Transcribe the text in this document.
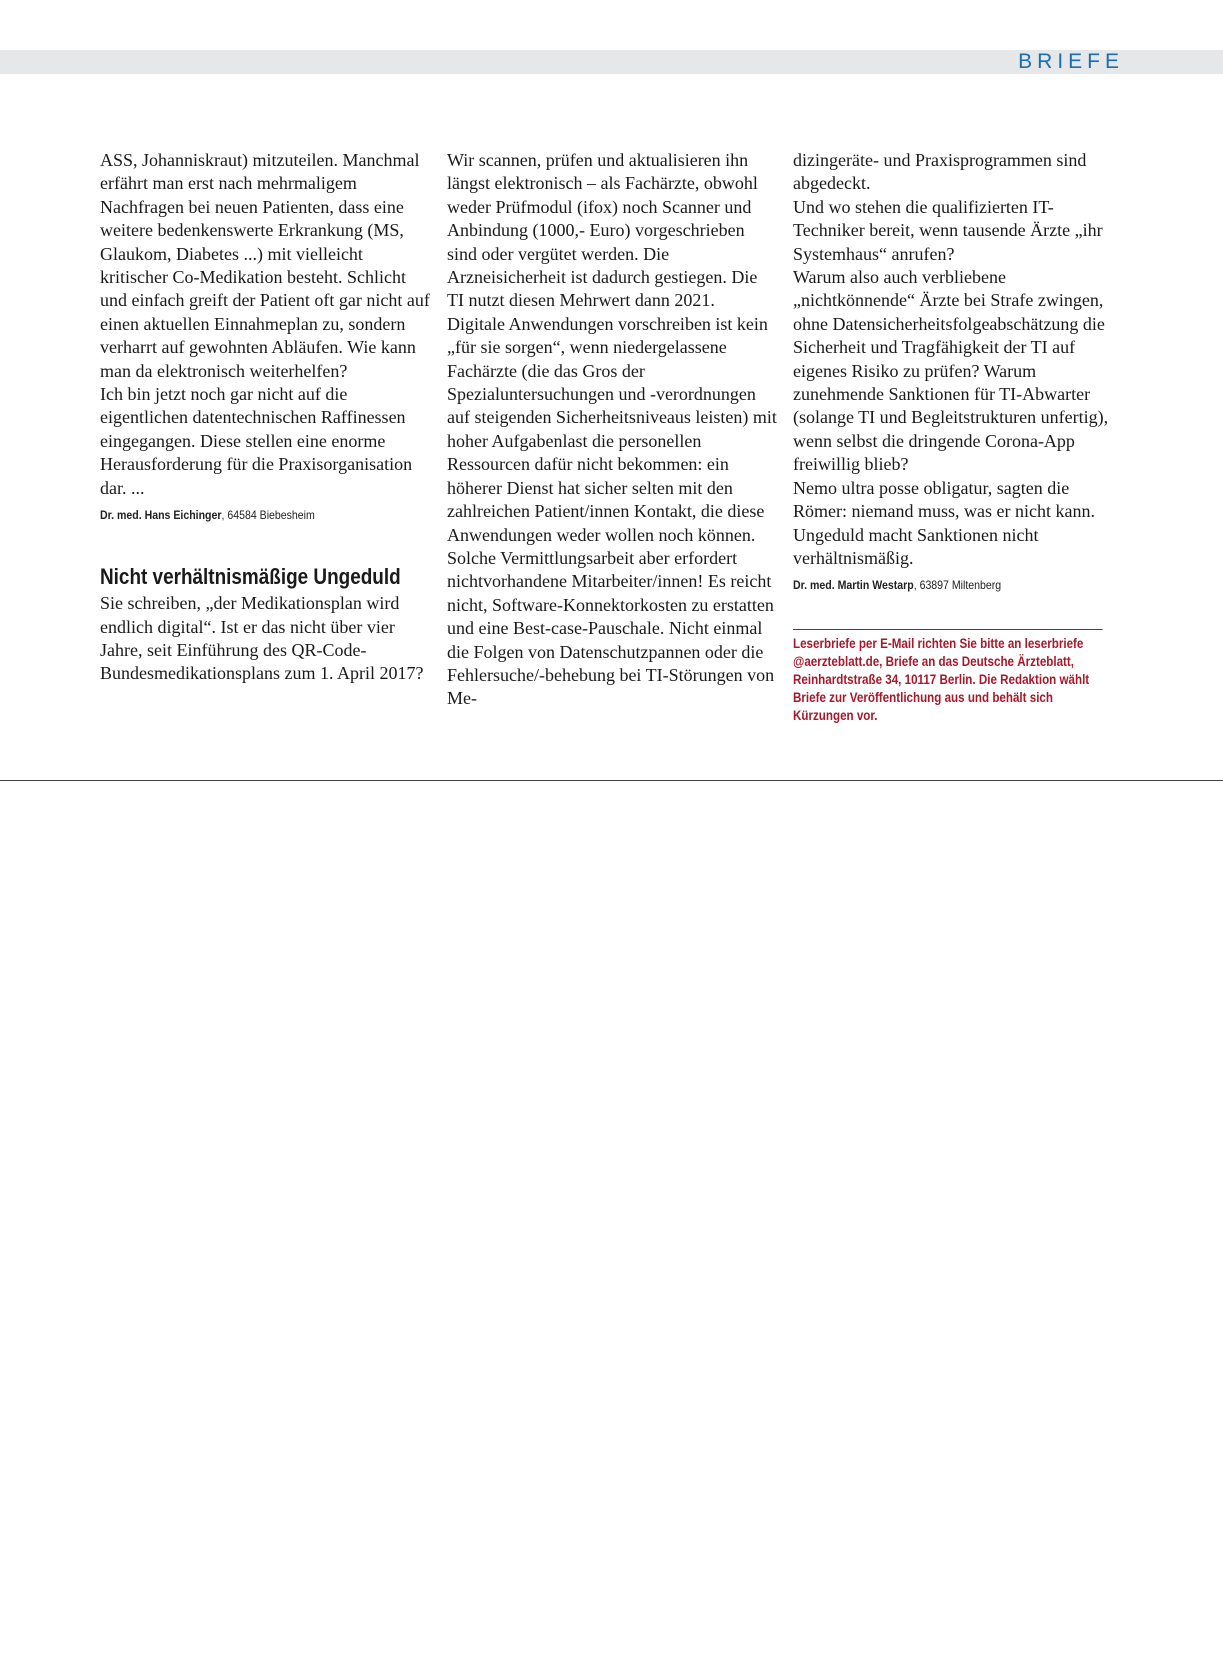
BRIEFE

ASS, Johanniskraut) mitzuteilen. Manchmal erfährt man erst nach mehrmaligem Nachfragen bei neuen Patienten, dass eine weitere bedenkenswerte Erkrankung (MS, Glaukom, Diabetes ...) mit vielleicht kritischer Co-Medikation besteht. Schlicht und einfach greift der Patient oft gar nicht auf einen aktuellen Einnahmeplan zu, sondern verharrt auf gewohnten Abläufen. Wie kann man da elektronisch weiterhelfen?

Ich bin jetzt noch gar nicht auf die eigentlichen datentechnischen Raffinessen eingegangen. Diese stellen eine enorme Herausforderung für die Praxisorganisation dar. ...

Dr. med. Hans Eichinger, 64584 Biebesheim

Nicht verhältnismäßige Ungeduld

Sie schreiben, „der Medikationsplan wird endlich digital“. Ist er das nicht über vier Jahre, seit Einführung des QR-Code-Bundesmedikationsplans zum 1. April 2017?

Wir scannen, prüfen und aktualisieren ihn längst elektronisch – als Fachärzte, obwohl weder Prüfmodul (ifox) noch Scanner und Anbindung (1000,- Euro) vorgeschrieben sind oder vergütet werden. Die Arzneisicherheit ist dadurch gestiegen. Die TI nutzt diesen Mehrwert dann 2021.

Digitale Anwendungen vorschreiben ist kein „für sie sorgen“, wenn niedergelassene Fachärzte (die das Gros der Spezialuntersuchungen und -verordnungen auf steigenden Sicherheitsniveaus leisten) mit hoher Aufgabenlast die personellen Ressourcen dafür nicht bekommen: ein höherer Dienst hat sicher selten mit den zahlreichen Patient/innen Kontakt, die diese Anwendungen weder wollen noch können. Solche Vermittlungsarbeit aber erfordert nichtvorhandene Mitarbeiter/innen! Es reicht nicht, Software-Konnektorkosten zu erstatten und eine Best-case-Pauschale. Nicht einmal die Folgen von Datenschutzpannen oder die Fehlersuche/-behebung bei TI-Störungen von Me-

dizingeräte- und Praxisprogrammen sind abgedeckt.

Und wo stehen die qualifizierten IT-Techniker bereit, wenn tausende Ärzte „ihr Systemhaus“ anrufen?

Warum also auch verbliebene „nichtkönnende“ Ärzte bei Strafe zwingen, ohne Datensicherheitsfolgeabschätzung die Sicherheit und Tragfähigkeit der TI auf eigenes Risiko zu prüfen? Warum zunehmende Sanktionen für TI-Abwarter (solange TI und Begleitstrukturen unfertig), wenn selbst die dringende Corona-App freiwillig blieb?

Nemo ultra posse obligatur, sagten die Römer: niemand muss, was er nicht kann. Ungeduld macht Sanktionen nicht verhältnismäßig.

Dr. med. Martin Westarp, 63897 Miltenberg

Leserbriefe per E-Mail richten Sie bitte an leserbriefe @aerzteblatt.de, Briefe an das Deutsche Ärzteblatt, Reinhardtstraße 34, 10117 Berlin. Die Redaktion wählt Briefe zur Veröffentlichung aus und behält sich Kürzungen vor.
